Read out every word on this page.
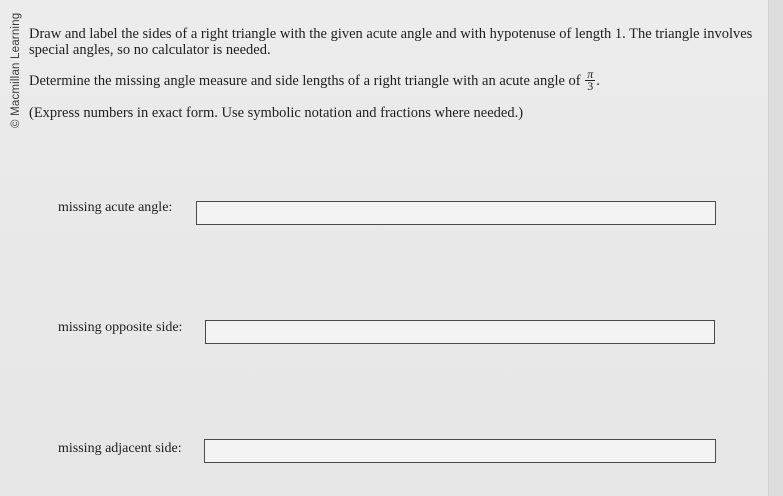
© Macmillan Learning Draw and label the sides of a right triangle with the given acute angle and with hypotenuse of length 1. The triangle involves
special angles, so no calculator is needed.
Determine the missing angle measure and side lengths of a right triangle with an acute angle of $\frac{\pi}{3}$ .
(Express numbers in exact form. Use symbolic notation and fractions where needed.)
missing acute angle:
missing opposite side:
missing adjacent side:
